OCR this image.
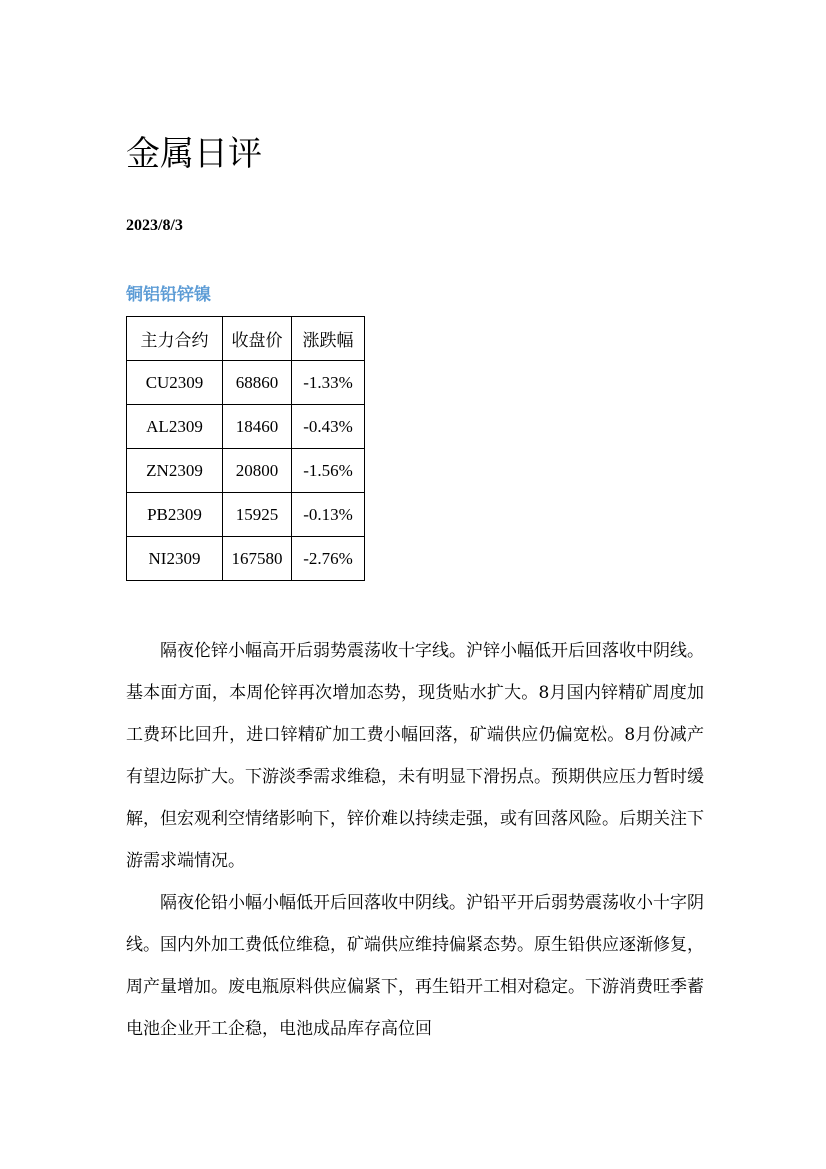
金属日评
2023/8/3
铜铝铅锌镍
主力合约	收盘价	涨跌幅
CU2309	68860	-1.33%
AL2309	18460	-0.43%
ZN2309	20800	-1.56%
PB2309	15925	-0.13%
NI2309	167580	-2.76%

隔夜伦锌小幅高开后弱势震荡收十字线。沪锌小幅低开后回落收中阴线。基本面方面，本周伦锌再次增加态势，现货贴水扩大。8月国内锌精矿周度加工费环比回升，进口锌精矿加工费小幅回落，矿端供应仍偏宽松。8月份减产有望边际扩大。下游淡季需求维稳，未有明显下滑拐点。预期供应压力暂时缓解，但宏观利空情绪影响下，锌价难以持续走强，或有回落风险。后期关注下游需求端情况。

隔夜伦铅小幅小幅低开后回落收中阴线。沪铅平开后弱势震荡收小十字阴线。国内外加工费低位维稳，矿端供应维持偏紧态势。原生铅供应逐渐修复，周产量增加。废电瓶原料供应偏紧下，再生铅开工相对稳定。下游消费旺季蓄电池企业开工企稳，电池成品库存高位回
